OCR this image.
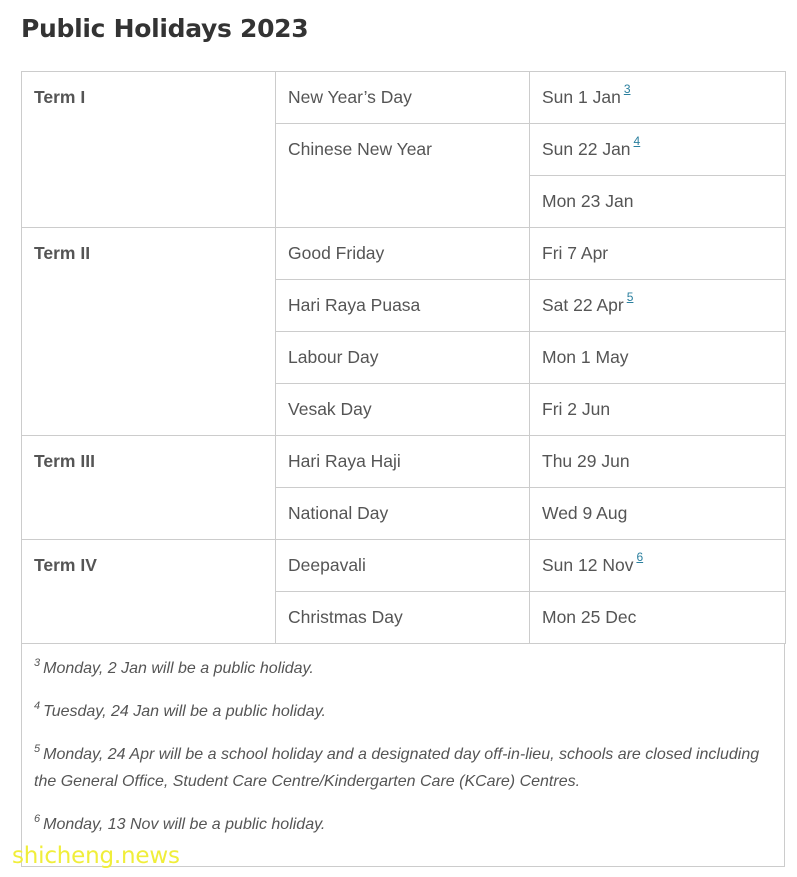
Public Holidays 2023
Term I	New Year’s Day	Sun 1 Jan $^3$
	Chinese New Year	Sun 22 Jan $^4$
		Mon 23 Jan
Term II	Good Friday	Fri 7 Apr
	Hari Raya Puasa	Sat 22 Apr $^5$
	Labour Day	Mon 1 May
	Vesak Day	Fri 2 Jun
Term III	Hari Raya Haji	Thu 29 Jun
	National Day	Wed 9 Aug
Term IV	Deepavali	Sun 12 Nov $^6$
	Christmas Day	Mon 25 Dec

$^3$ Monday, 2 Jan will be a public holiday.

$^4$ Tuesday, 24 Jan will be a public holiday.

$^5$ Monday, 24 Apr will be a school holiday and a designated day off-in-lieu, schools are closed including the General Office, Student Care Centre/Kindergarten Care (KCare) Centres.

$^6$ Monday, 13 Nov will be a public holiday.

shicheng.news
